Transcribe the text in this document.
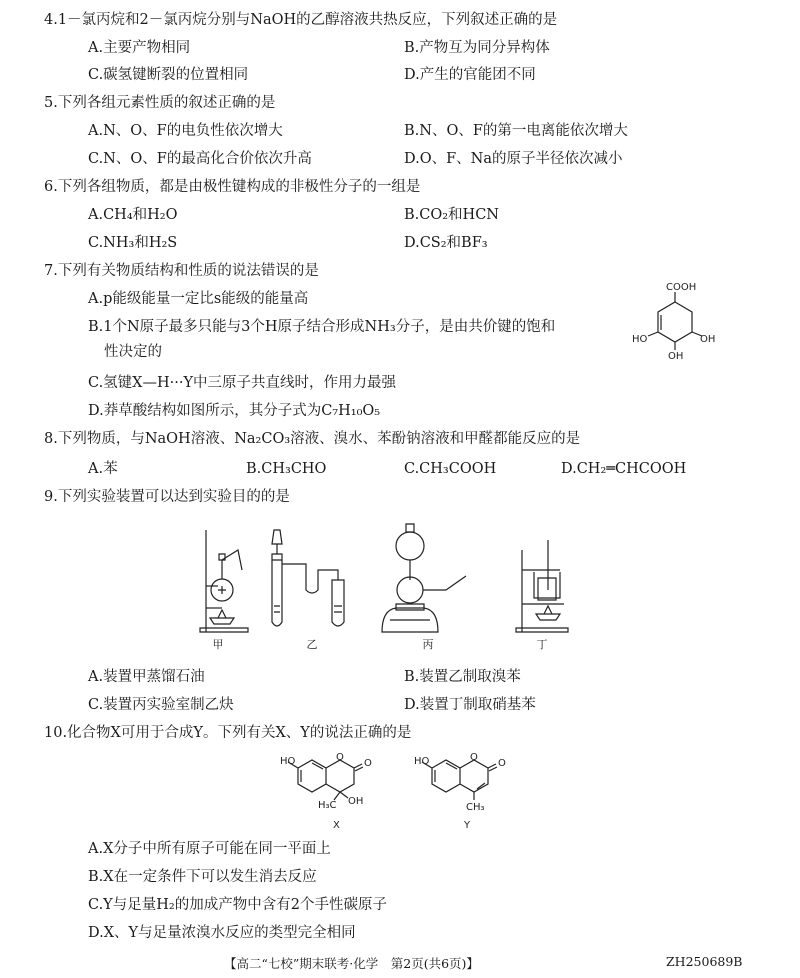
4.1－氯丙烷和2－氯丙烷分别与NaOH的乙醇溶液共热反应，下列叙述正确的是
A.主要产物相同	B.产物互为同分异构体
C.碳氢键断裂的位置相同	D.产生的官能团不同
5.下列各组元素性质的叙述正确的是
A.N、O、F的电负性依次增大	B.N、O、F的第一电离能依次增大
C.N、O、F的最高化合价依次升高	D.O、F、Na的原子半径依次减小
6.下列各组物质，都是由极性键构成的非极性分子的一组是
A.CH₄和H₂O	B.CO₂和HCN
C.NH₃和H₂S	D.CS₂和BF₃
7.下列有关物质结构和性质的说法错误的是
A.p能级能量一定比s能级的能量高
B.1个N原子最多只能与3个H原子结合形成NH₃分子，是由共价键的饱和
性决定的
C.氢键X—H···Y中三原子共直线时，作用力最强
D.莽草酸结构如图所示，其分子式为C₇H₁₀O₅
COOH
OH
OH
HO
8.下列物质，与NaOH溶液、Na₂CO₃溶液、溴水、苯酚钠溶液和甲醛都能反应的是
A.苯	B.CH₃CHO	C.CH₃COOH	D.CH₂═CHCOOH
9.下列实验装置可以达到实验目的的是
甲	乙	丙	丁
A.装置甲蒸馏石油	B.装置乙制取溴苯
C.装置丙实验室制乙炔	D.装置丁制取硝基苯
10.化合物X可用于合成Y。下列有关X、Y的说法正确的是
HO	O
O
H₃C OH
X
HO	O
O
CH₃
Y
A.X分子中所有原子可能在同一平面上
B.X在一定条件下可以发生消去反应
C.Y与足量H₂的加成产物中含有2个手性碳原子
D.X、Y与足量浓溴水反应的类型完全相同
【高二“七校”期末联考·化学　第2页(共6页)】	ZH250689B
